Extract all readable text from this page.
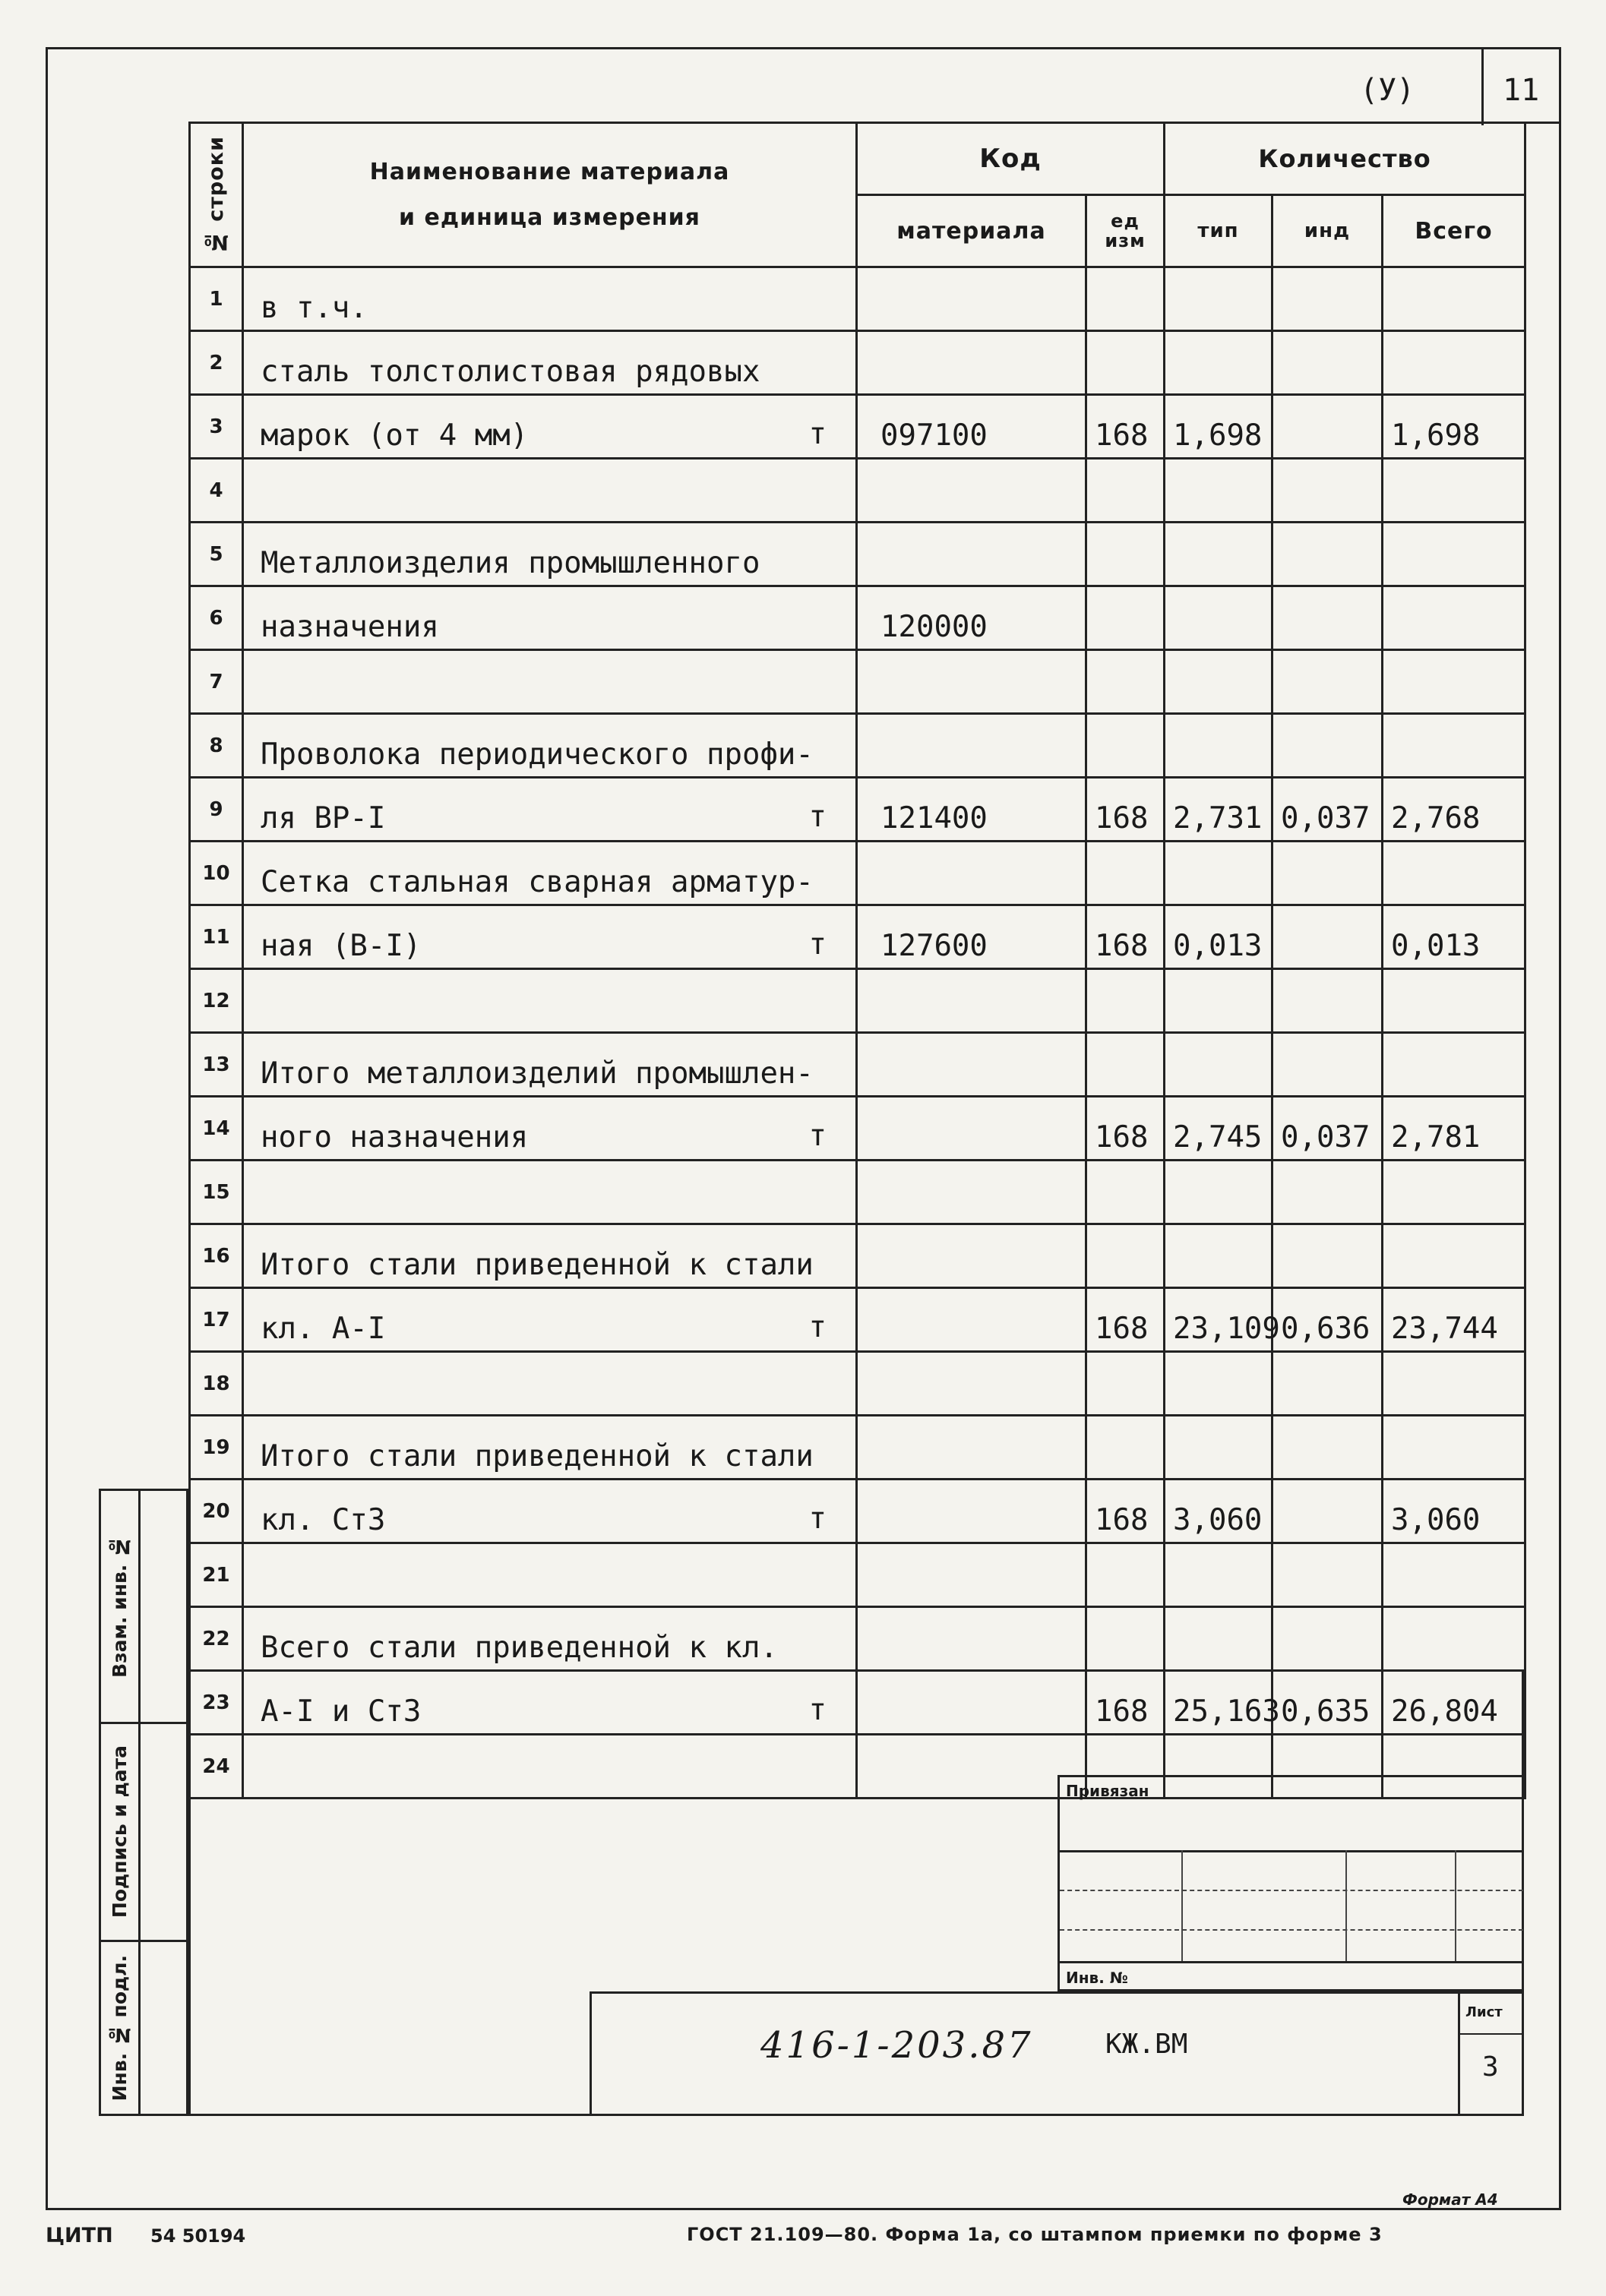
(У)	11
№ строки	Наименование материала
и единица измерения	Код		Количество		
		материала	ед изм	тип	инд	Всего
1	в т.ч.

2	сталь толстолистовая рядовых

3	марок (от 4 мм) т	097100	168	1,698		1,698
4	

5	Металлоизделия промышленного

6	назначения	120000				
7	

8	Проволока периодического профи-

9	ля ВР-I т	121400	168	2,731	0,037	2,768
10	Сетка стальная сварная арматур-

11	ная (В-I) т	127600	168	0,013		0,013
12	

13	Итого металлоизделий промышлен-

14	ного назначения т		168	2,745	0,037	2,781
15	

16	Итого стали приведенной к стали

17	кл. А-I т		168	23,109	0,636	23,744
18	

19	Итого стали приведенной к стали

20	кл. Ст3 т		168	3,060		3,060
21	

22	Всего стали приведенной к кл.

23	А-I и Ст3 т		168	25,163	0,635	26,804
24	

Взам. инв. №
Подпись и дата
Инв. № подл.
Привязан
Инв. №
416-1-203.87	КЖ.ВМ
Лист
3
Формат А4
ЦИТП 54 50194	ГОСТ 21.109—80. Форма 1а, со штампом приемки по форме 3
